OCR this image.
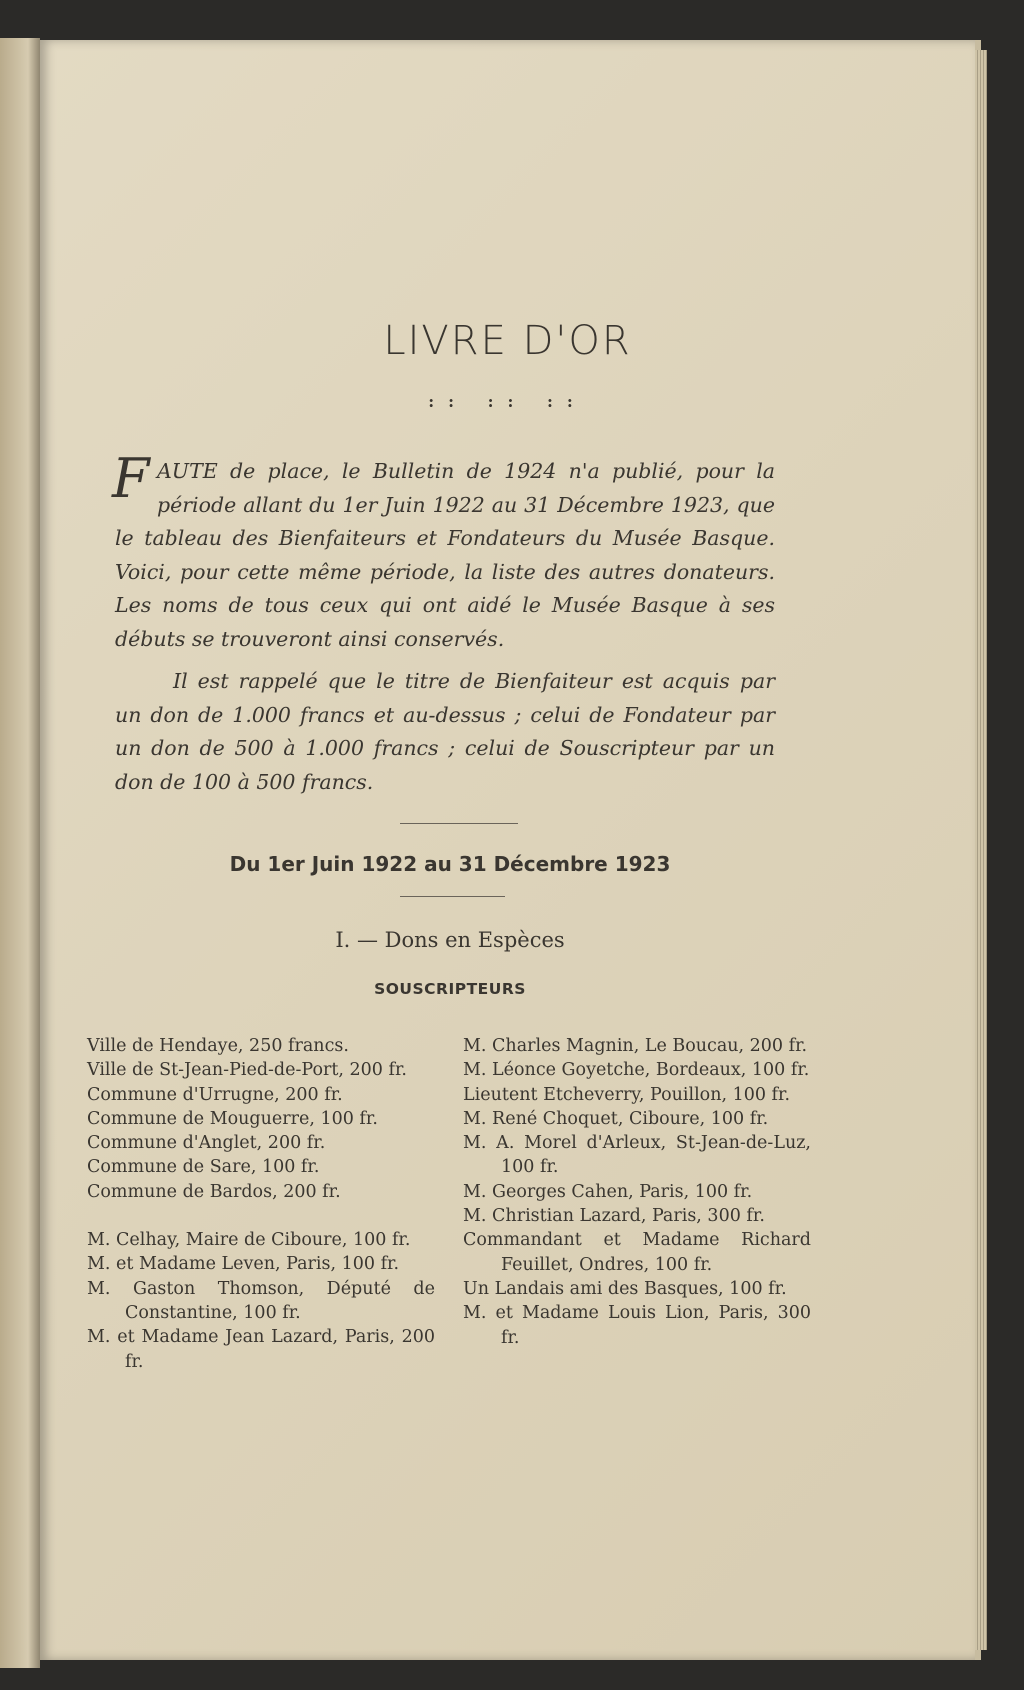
LIVRE D'OR
:: :: ::
F AUTE de place, le Bulletin de 1924 n'a publié, pour la
période allant du 1er Juin 1922 au 31 Décembre 1923, que
le tableau des Bienfaiteurs et Fondateurs du Musée Basque.
Voici, pour cette même période, la liste des autres donateurs.
Les noms de tous ceux qui ont aidé le Musée Basque à ses
débuts se trouveront ainsi conservés.
Il est rappelé que le titre de Bienfaiteur est acquis par
un don de 1.000 francs et au-dessus ; celui de Fondateur par
un don de 500 à 1.000 francs ; celui de Souscripteur par un
don de 100 à 500 francs.
Du 1er Juin 1922 au 31 Décembre 1923
I. — Dons en Espèces
SOUSCRIPTEURS
Ville de Hendaye, 250 francs.
Ville de St-Jean-Pied-de-Port, 200 fr.
Commune d'Urrugne, 200 fr.
Commune de Mouguerre, 100 fr.
Commune d'Anglet, 200 fr.
Commune de Sare, 100 fr.
Commune de Bardos, 200 fr.
M. Celhay, Maire de Ciboure, 100 fr.
M. et Madame Leven, Paris, 100 fr.
M. Gaston Thomson, Député de Constantine, 100 fr.
M. et Madame Jean Lazard, Paris, 200 fr.
M. Charles Magnin, Le Boucau, 200 fr.
M. Léonce Goyetche, Bordeaux, 100 fr.
Lieutent Etcheverry, Pouillon, 100 fr.
M. René Choquet, Ciboure, 100 fr.
M. A. Morel d'Arleux, St-Jean-de-Luz, 100 fr.
M. Georges Cahen, Paris, 100 fr.
M. Christian Lazard, Paris, 300 fr.
Commandant et Madame Richard Feuillet, Ondres, 100 fr.
Un Landais ami des Basques, 100 fr.
M. et Madame Louis Lion, Paris, 300 fr.
